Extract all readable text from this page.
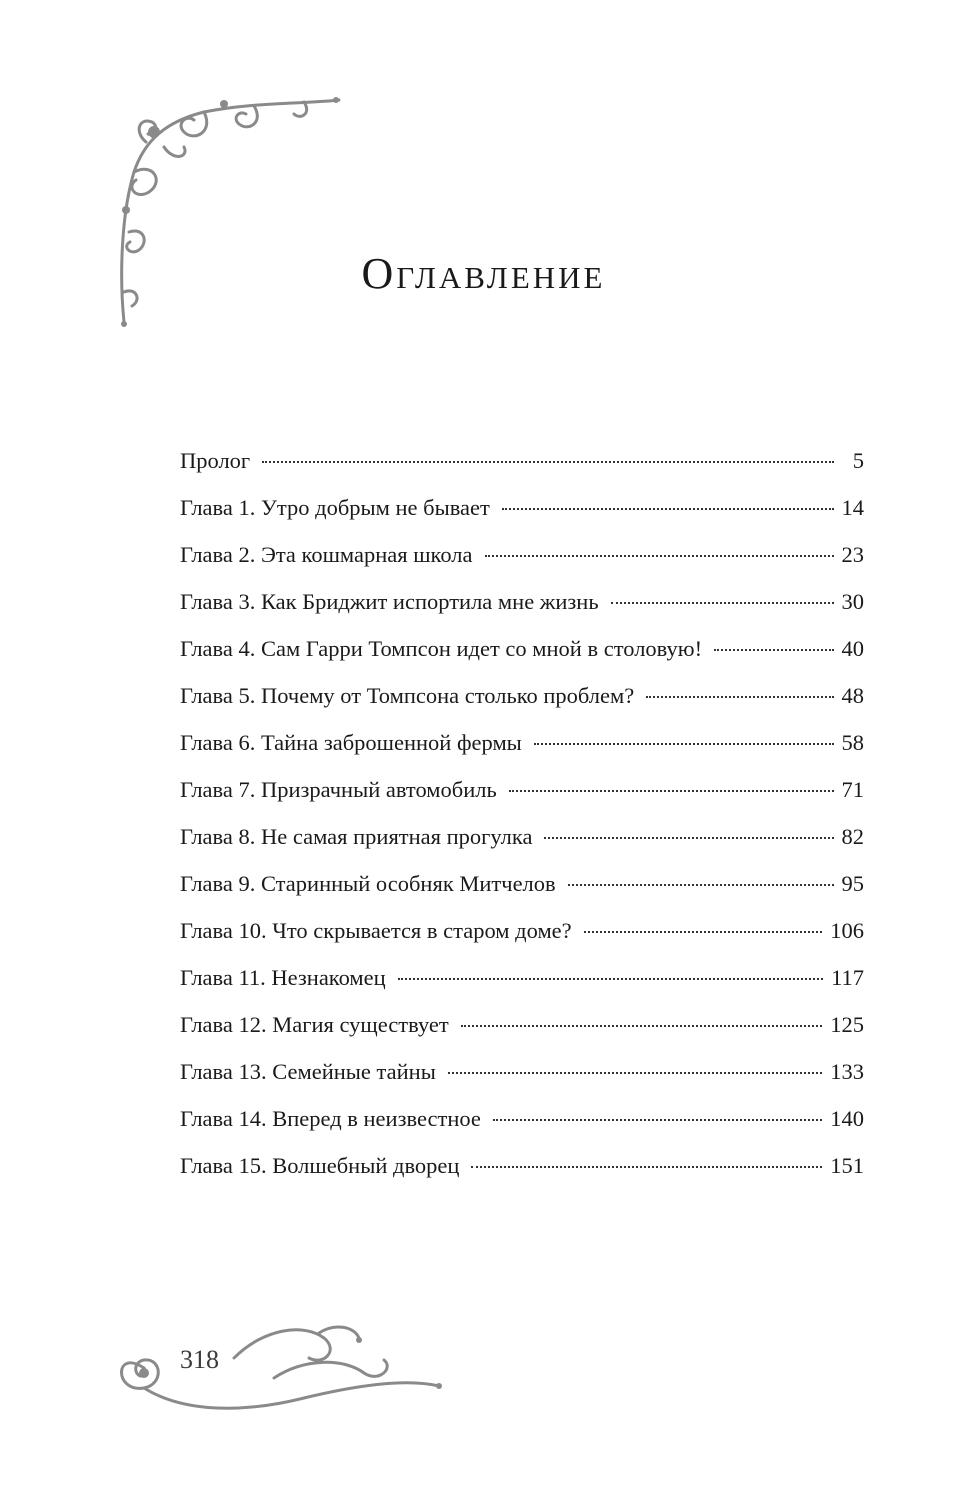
Оглавление
Пролог	5
Глава 1. Утро добрым не бывает	14
Глава 2. Эта кошмарная школа	23
Глава 3. Как Бриджит испортила мне жизнь	30
Глава 4. Сам Гарри Томпсон идет со мной в столовую!	40
Глава 5. Почему от Томпсона столько проблем?	48
Глава 6. Тайна заброшенной фермы	58
Глава 7. Призрачный автомобиль	71
Глава 8. Не самая приятная прогулка	82
Глава 9. Старинный особняк Митчелов	95
Глава 10. Что скрывается в старом доме?	106
Глава 11. Незнакомец	117
Глава 12. Магия существует	125
Глава 13. Семейные тайны	133
Глава 14. Вперед в неизвестное	140
Глава 15. Волшебный дворец	151
318
